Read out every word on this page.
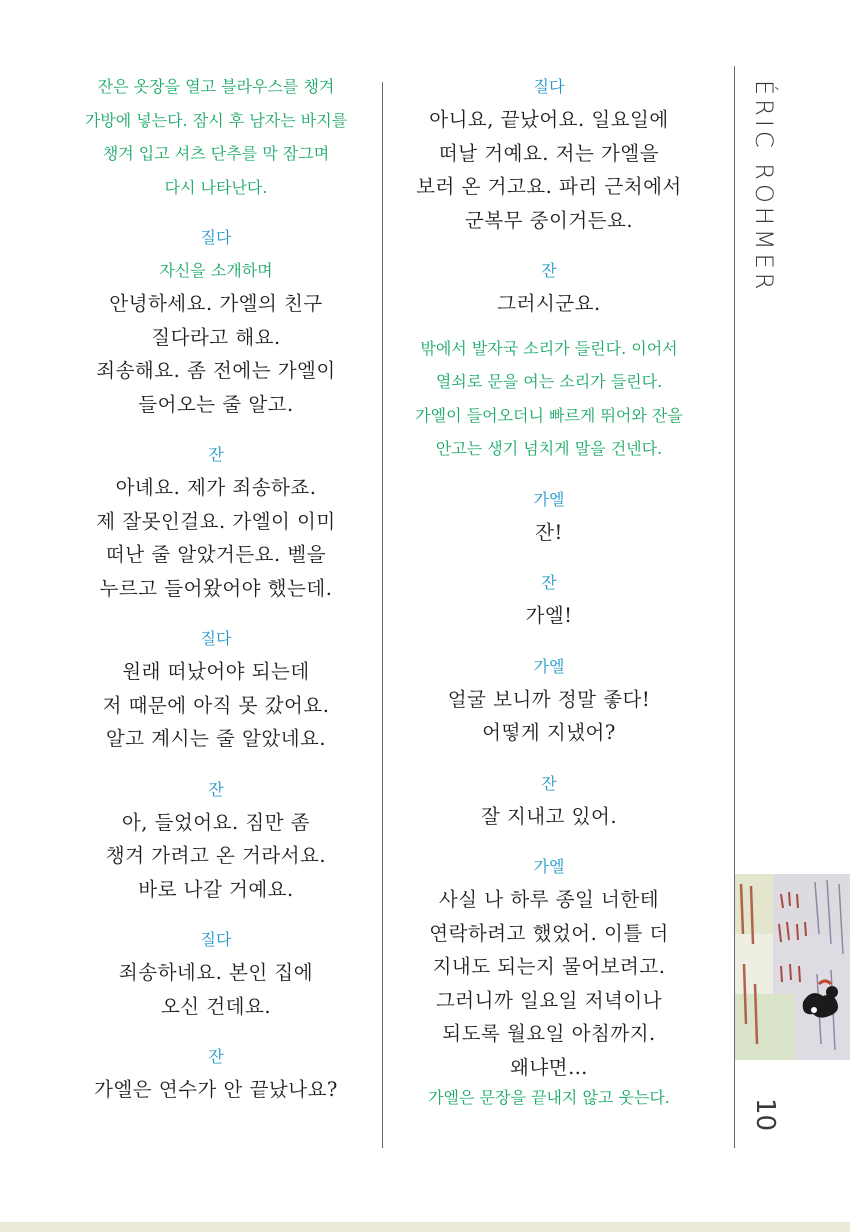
잔은 옷장을 열고 블라우스를 챙겨
가방에 넣는다. 잠시 후 남자는 바지를
챙겨 입고 셔츠 단추를 막 잠그며
다시 나타난다.
질다
자신을 소개하며
안녕하세요. 가엘의 친구
질다라고 해요.
죄송해요. 좀 전에는 가엘이
들어오는 줄 알고.
잔
아녜요. 제가 죄송하죠.
제 잘못인걸요. 가엘이 이미
떠난 줄 알았거든요. 벨을
누르고 들어왔어야 했는데.
질다
원래 떠났어야 되는데
저 때문에 아직 못 갔어요.
알고 계시는 줄 알았네요.
잔
아, 들었어요. 짐만 좀
챙겨 가려고 온 거라서요.
바로 나갈 거예요.
질다
죄송하네요. 본인 집에
오신 건데요.
잔
가엘은 연수가 안 끝났나요?
질다
아니요, 끝났어요. 일요일에
떠날 거예요. 저는 가엘을
보러 온 거고요. 파리 근처에서
군복무 중이거든요.
잔
그러시군요.
밖에서 발자국 소리가 들린다. 이어서
열쇠로 문을 여는 소리가 들린다.
가엘이 들어오더니 빠르게 뛰어와 잔을
안고는 생기 넘치게 말을 건넨다.
가엘
잔!
잔
가엘!
가엘
얼굴 보니까 정말 좋다!
어떻게 지냈어?
잔
잘 지내고 있어.
가엘
사실 나 하루 종일 너한테
연락하려고 했었어. 이틀 더
지내도 되는지 물어보려고.
그러니까 일요일 저녁이나
되도록 월요일 아침까지.
왜냐면…
가엘은 문장을 끝내지 않고 웃는다.
ÉRIC ROHMER
10
